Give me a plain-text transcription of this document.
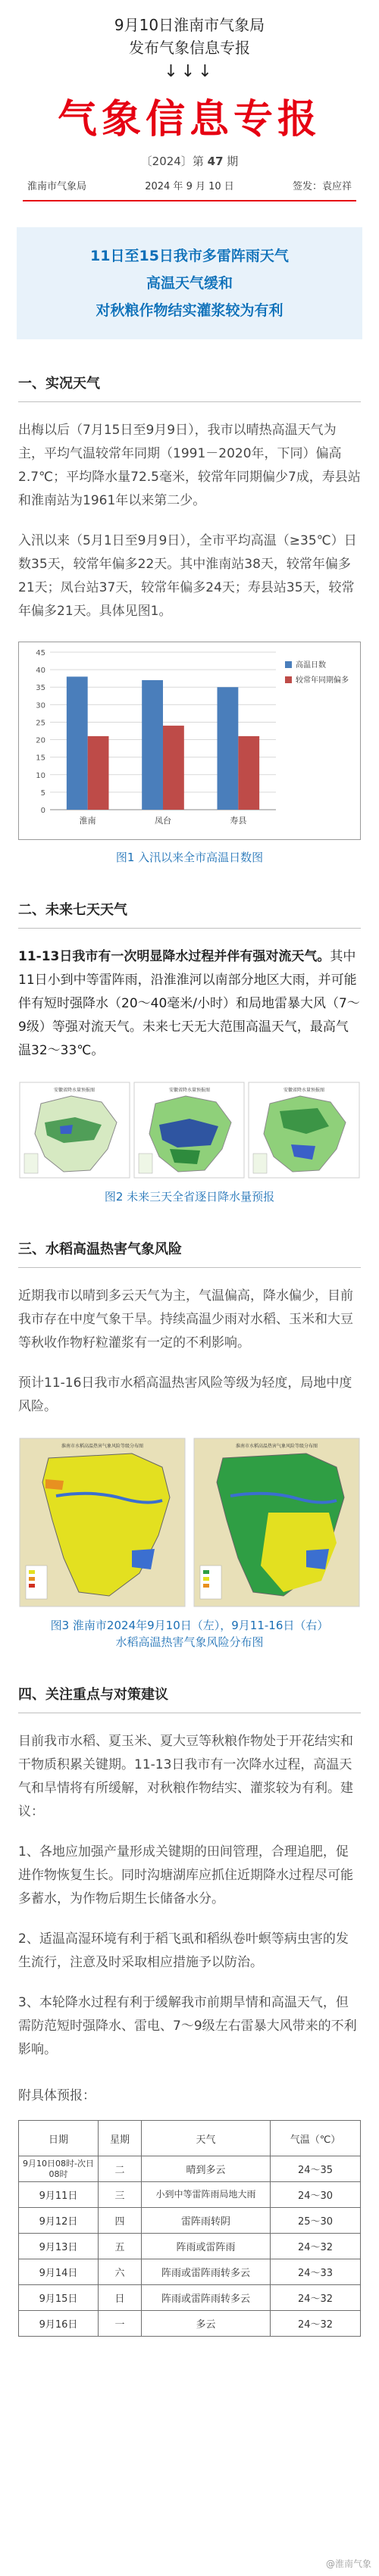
9月10日淮南市气象局
发布气象信息专报
↓↓↓
气象信息专报
〔2024〕第 47 期
淮南市气象局	2024 年 9 月 10 日	签发：袁应祥
11日至15日我市多雷阵雨天气
高温天气缓和
对秋粮作物结实灌浆较为有利
一、实况天气
出梅以后（7月15日至9月9日），我市以晴热高温天气为主，平均气温较常年同期（1991－2020年，下同）偏高2.7℃；平均降水量72.5毫米，较常年同期偏少7成，寿县站和淮南站为1961年以来第二少。
入汛以来（5月1日至9月9日），全市平均高温（≥35℃）日数35天，较常年偏多22天。其中淮南站38天，较常年偏多21天；凤台站37天，较常年偏多24天；寿县站35天，较常年偏多21天。具体见图1。
0
5
10
15
20
25
30
35
40
45
淮南	凤台	寿县
高温日数
较常年同期偏多
图1 入汛以来全市高温日数图
二、未来七天天气
11-13日我市有一次明显降水过程并伴有强对流天气。其中11日小到中等雷阵雨，沿淮淮河以南部分地区大雨，并可能伴有短时强降水（20～40毫米/小时）和局地雷暴大风（7～9级）等强对流天气。未来七天无大范围高温天气，最高气温32～33℃。
安徽省降水量预报图	安徽省降水量预报图	安徽省降水量预报图
图2 未来三天全省逐日降水量预报
三、水稻高温热害气象风险
近期我市以晴到多云天气为主，气温偏高，降水偏少，目前我市存在中度气象干旱。持续高温少雨对水稻、玉米和大豆等秋收作物籽粒灌浆有一定的不利影响。
预计11-16日我市水稻高温热害风险等级为轻度，局地中度风险。
淮南市水稻高温热害气象风险等级分布图	淮南市水稻高温热害气象风险等级分布图
图3 淮南市2024年9月10日（左），9月11-16日（右）
水稻高温热害气象风险分布图
四、关注重点与对策建议
目前我市水稻、夏玉米、夏大豆等秋粮作物处于开花结实和干物质积累关键期。11-13日我市有一次降水过程，高温天气和旱情将有所缓解，对秋粮作物结实、灌浆较为有利。建议：
1、各地应加强产量形成关键期的田间管理，合理追肥，促进作物恢复生长。同时沟塘湖库应抓住近期降水过程尽可能多蓄水，为作物后期生长储备水分。
2、适温高湿环境有利于稻飞虱和稻纵卷叶螟等病虫害的发生流行，注意及时采取相应措施予以防治。
3、本轮降水过程有利于缓解我市前期旱情和高温天气，但需防范短时强降水、雷电、7～9级左右雷暴大风带来的不利影响。
附具体预报：
日期	星期	天气	气温（℃）
9月10日08时-次日08时	二	晴到多云	24～35
9月11日	三	小到中等雷阵雨局地大雨	24～30
9月12日	四	雷阵雨转阴	25～30
9月13日	五	阵雨或雷阵雨	24～32
9月14日	六	阵雨或雷阵雨转多云	24～33
9月15日	日	阵雨或雷阵雨转多云	24～32
9月16日	一	多云	24～32
@淮南气象
